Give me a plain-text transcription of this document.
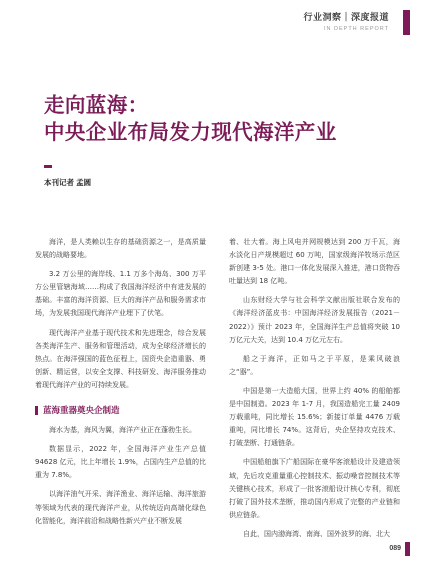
行业洞察｜深度报道
IN DEPTH REPORT
走向蓝海：
中央企业布局发力现代海洋产业
本刊记者 孟圆

海洋，是人类赖以生存的基础资源之一，是高质量发展的战略要地。

3.2 万公里的海岸线、1.1 万多个海岛、300 万平方公里管辖海域……构成了我国海洋经济中有进发展的基础。丰富的海洋资源、巨大的海洋产品和服务需求市场，为发展我国现代海洋产业埋下了伏笔。

现代海洋产业基于现代技术和先进理念，综合发展各类海洋生产、服务和管理活动，成为全球经济增长的热点。在海洋强国的蓝色征程上，国资央企造重器、勇创新、精运营，以安全支撑、科技研发、海洋服务推动着现代海洋产业的可持续发展。

蓝海重器奠央企制造

海水为基，海风为翼，海洋产业正在蓬勃生长。

数据显示，2022 年，全国海洋产业生产总值 94628 亿元，比上年增长 1.9%，占国内生产总值的比重为 7.8%。

以海洋油气开采、海洋渔业、海洋运输、海洋旅游等领域为代表的现代海洋产业，从传统迈向高端化绿色化智能化，海洋前沿和战略性新兴产业不断发展

着、壮大着。海上风电并网规模达到 200 万千瓦，海水淡化日产规模超过 60 万吨，国家级海洋牧场示范区新创建 3-5 处。港口一体化发展深入推进，港口货物吞吐量达到 18 亿吨。

山东财经大学与社会科学文献出版社联合发布的《海洋经济蓝皮书：中国海洋经济发展报告（2021－2022）》预计 2023 年，全国海洋生产总值将突破 10 万亿元大关，达到 10.4 万亿元左右。

船之于海洋，正如马之于平原，是乘风破浪之“器”。

中国是第一大造船大国，世界上约 40% 的船舶都是中国制造。2023 年 1-7 月，我国造船完工量 2409 万载重吨，同比增长 15.6%；新接订单量 4476 万载重吨，同比增长 74%。这背后，央企坚持攻克技术、打破垄断、打通链条。

中国船舶旗下广船国际在豪华客滚船设计及建造领域，先后攻克重量重心控制技术、振动噪音控制技术等关键核心技术，形成了一批客滚船设计核心专利，彻底打破了国外技术垄断，推动国内形成了完整的产业链和供应链条。

自此，国内渤海湾、南海、国外波罗的海、北大

089
